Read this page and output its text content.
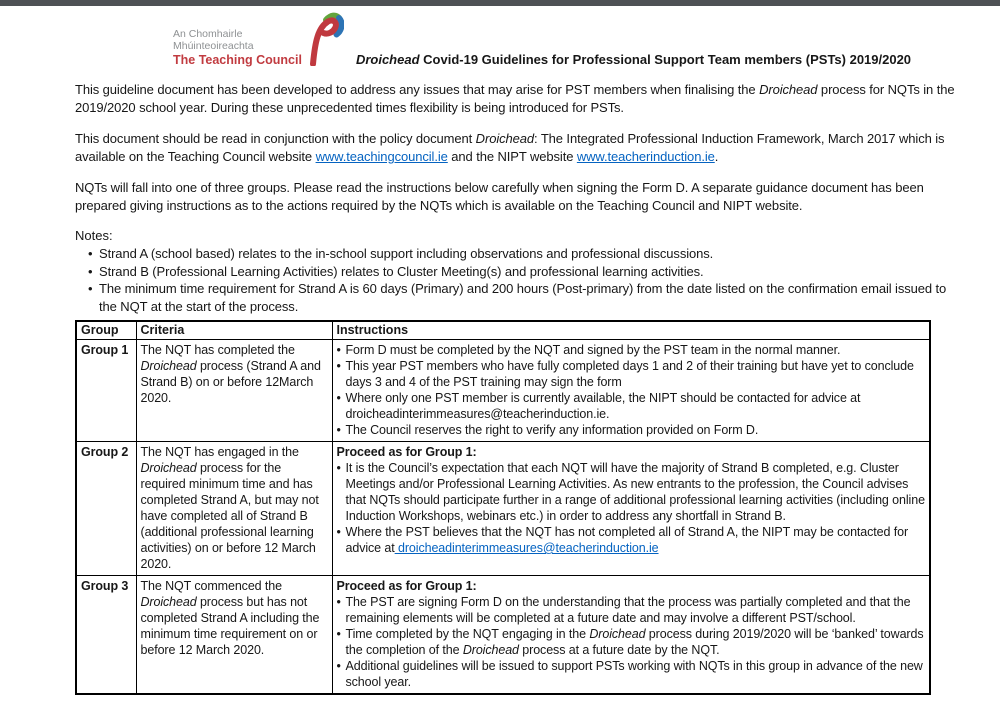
An Chomhairle
Mhúinteoireachta
The Teaching Council	Droichead Covid-19 Guidelines for Professional Support Team members (PSTs) 2019/2020

This guideline document has been developed to address any issues that may arise for PST members when finalising the Droichead process for NQTs in the 2019/2020 school year. During these unprecedented times flexibility is being introduced for PSTs.

This document should be read in conjunction with the policy document Droichead: The Integrated Professional Induction Framework, March 2017 which is available on the Teaching Council website www.teachingcouncil.ie and the NIPT website www.teacherinduction.ie.

NQTs will fall into one of three groups. Please read the instructions below carefully when signing the Form D. A separate guidance document has been prepared giving instructions as to the actions required by the NQTs which is available on the Teaching Council and NIPT website.

Notes:
• Strand A (school based) relates to the in-school support including observations and professional discussions.
• Strand B (Professional Learning Activities) relates to Cluster Meeting(s) and professional learning activities.
• The minimum time requirement for Strand A is 60 days (Primary) and 200 hours (Post-primary) from the date listed on the confirmation email issued to the NQT at the start of the process.
Group	Criteria	Instructions
Group 1	The NQT has completed the Droichead process (Strand A and Strand B) on or before 12March 2020.	
• Form D must be completed by the NQT and signed by the PST team in the normal manner.
• This year PST members who have fully completed days 1 and 2 of their training but have yet to conclude days 3 and 4 of the PST training may sign the form
• Where only one PST member is currently available, the NIPT should be contacted for advice at droicheadinterimmeasures@teacherinduction.ie.
• The Council reserves the right to verify any information provided on Form D.

Group 2	The NQT has engaged in the Droichead process for the required minimum time and has completed Strand A, but may not have completed all of Strand B (additional professional learning activities) on or before 12 March 2020.	
Proceed as for Group 1:
• It is the Council’s expectation that each NQT will have the majority of Strand B completed, e.g. Cluster Meetings and/or Professional Learning Activities. As new entrants to the profession, the Council advises that NQTs should participate further in a range of additional professional learning activities (including online Induction Workshops, webinars etc.) in order to address any shortfall in Strand B.
• Where the PST believes that the NQT has not completed all of Strand A, the NIPT may be contacted for advice at droicheadinterimmeasures@teacherinduction.ie

Group 3	The NQT commenced the Droichead process but has not completed Strand A including the minimum time requirement on or before 12 March 2020.	
Proceed as for Group 1:
• The PST are signing Form D on the understanding that the process was partially completed and that the remaining elements will be completed at a future date and may involve a different PST/school.
• Time completed by the NQT engaging in the Droichead process during 2019/2020 will be ‘banked’ towards the completion of the Droichead process at a future date by the NQT.
• Additional guidelines will be issued to support PSTs working with NQTs in this group in advance of the new school year.
